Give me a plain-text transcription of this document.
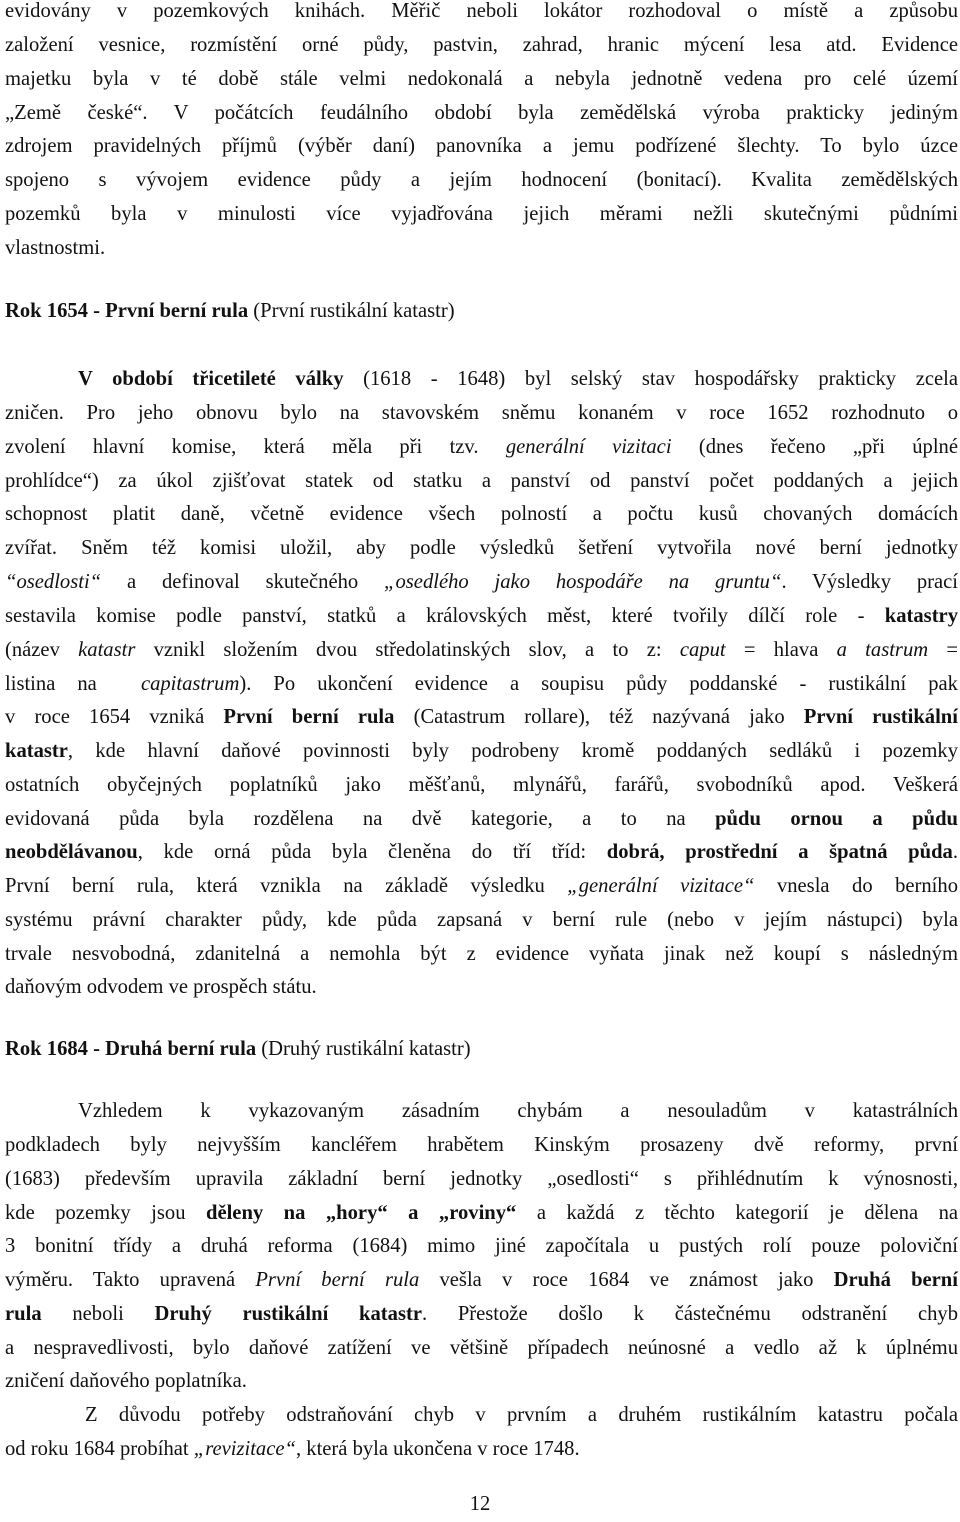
evidovány v pozemkových knihách. Měřič neboli lokátor rozhodoval o místě a způsobu
založení vesnice, rozmístění orné půdy, pastvin, zahrad, hranic mýcení lesa atd. Evidence
majetku byla v té době stále velmi nedokonalá a nebyla jednotně vedena pro celé území
„Země české“. V počátcích feudálního období byla zemědělská výroba prakticky jediným
zdrojem pravidelných příjmů (výběr daní) panovníka a jemu podřízené šlechty. To bylo úzce
spojeno s vývojem evidence půdy a jejím hodnocení (bonitací). Kvalita zemědělských
pozemků byla v minulosti více vyjadřována jejich měrami nežli skutečnými půdními
vlastnostmi.
Rok 1654 - První berní rula (První rustikální katastr)
V období třicetileté války (1618 - 1648) byl selský stav hospodářsky prakticky zcela
zničen. Pro jeho obnovu bylo na stavovském sněmu konaném v roce 1652 rozhodnuto o
zvolení hlavní komise, která měla při tzv. generální vizitaci (dnes řečeno „při úplné
prohlídce“) za úkol zjišťovat statek od statku a panství od panství počet poddaných a jejich
schopnost platit daně, včetně evidence všech polností a počtu kusů chovaných domácích
zvířat. Sněm též komisi uložil, aby podle výsledků šetření vytvořila nové berní jednotky
“osedlosti“ a definoval skutečného „osedlého jako hospodáře na gruntu“. Výsledky prací
sestavila komise podle panství, statků a královských měst, které tvořily dílčí role - katastry
(název katastr vznikl složením dvou středolatinských slov, a to z: caput = hlava a tastrum =
listina na  capitastrum). Po ukončení evidence a soupisu půdy poddanské - rustikální pak
v roce 1654 vzniká První berní rula (Catastrum rollare), též nazývaná jako První rustikální
katastr, kde hlavní daňové povinnosti byly podrobeny kromě poddaných sedláků i pozemky
ostatních obyčejných poplatníků jako měšťanů, mlynářů, farářů, svobodníků apod. Veškerá
evidovaná půda byla rozdělena na dvě kategorie, a to na půdu ornou a půdu
neobdělávanou, kde orná půda byla členěna do tří tříd: dobrá, prostřední a špatná půda.
První berní rula, která vznikla na základě výsledku „generální vizitace“ vnesla do berního
systému právní charakter půdy, kde půda zapsaná v berní rule (nebo v jejím nástupci) byla
trvale nesvobodná, zdanitelná a nemohla být z evidence vyňata jinak než koupí s následným
daňovým odvodem ve prospěch státu.
Rok 1684 - Druhá berní rula (Druhý rustikální katastr)
Vzhledem k vykazovaným zásadním chybám a nesouladům v katastrálních
podkladech byly nejvyšším kancléřem hrabětem Kinským prosazeny dvě reformy, první
(1683) především upravila základní berní jednotky „osedlosti“ s přihlédnutím k výnosnosti,
kde pozemky jsou děleny na „hory“ a „roviny“ a každá z těchto kategorií je dělena na
3 bonitní třídy a druhá reforma (1684) mimo jiné započítala u pustých rolí pouze poloviční
výměru. Takto upravená První berní rula vešla v roce 1684 ve známost jako Druhá berní
rula neboli Druhý rustikální katastr. Přestože došlo k částečnému odstranění chyb
a nespravedlivosti, bylo daňové zatížení ve většině případech neúnosné a vedlo až k úplnému
zničení daňového poplatníka.
Z důvodu potřeby odstraňování chyb v prvním a druhém rustikálním katastru počala
od roku 1684 probíhat „revizitace“, která byla ukončena v roce 1748.
12
